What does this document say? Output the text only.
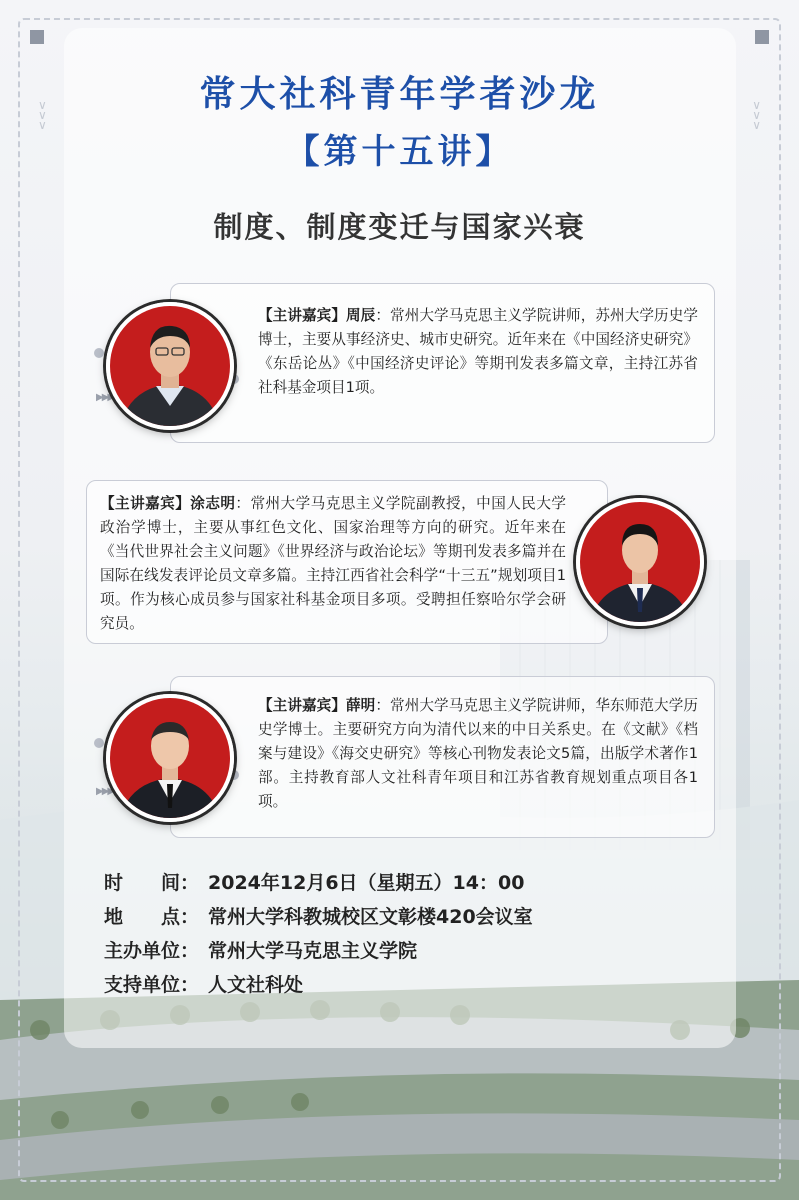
∨
∨
∨
∨
∨
∨
常大社科青年学者沙龙
【第十五讲】
制度、制度变迁与国家兴衰
▶▶▶
【主讲嘉宾】周辰：常州大学马克思主义学院讲师，苏州大学历史学博士，主要从事经济史、城市史研究。近年来在《中国经济史研究》《东岳论丛》《中国经济史评论》等期刊发表多篇文章，主持江苏省社科基金项目1项。
【主讲嘉宾】涂志明：常州大学马克思主义学院副教授，中国人民大学政治学博士，主要从事红色文化、国家治理等方向的研究。近年来在《当代世界社会主义问题》《世界经济与政治论坛》等期刊发表多篇并在国际在线发表评论员文章多篇。主持江西省社会科学“十三五”规划项目1项。作为核心成员参与国家社科基金项目多项。受聘担任察哈尔学会研究员。
▶▶▶
【主讲嘉宾】薛明：常州大学马克思主义学院讲师，华东师范大学历史学博士。主要研究方向为清代以来的中日关系史。在《文献》《档案与建设》《海交史研究》等核心刊物发表论文5篇，出版学术著作1部。主持教育部人文社科青年项目和江苏省教育规划重点项目各1项。
时　　间： 2024年12月6日（星期五）14：00
地　　点： 常州大学科教城校区文彰楼420会议室
主办单位： 常州大学马克思主义学院
支持单位： 人文社科处
